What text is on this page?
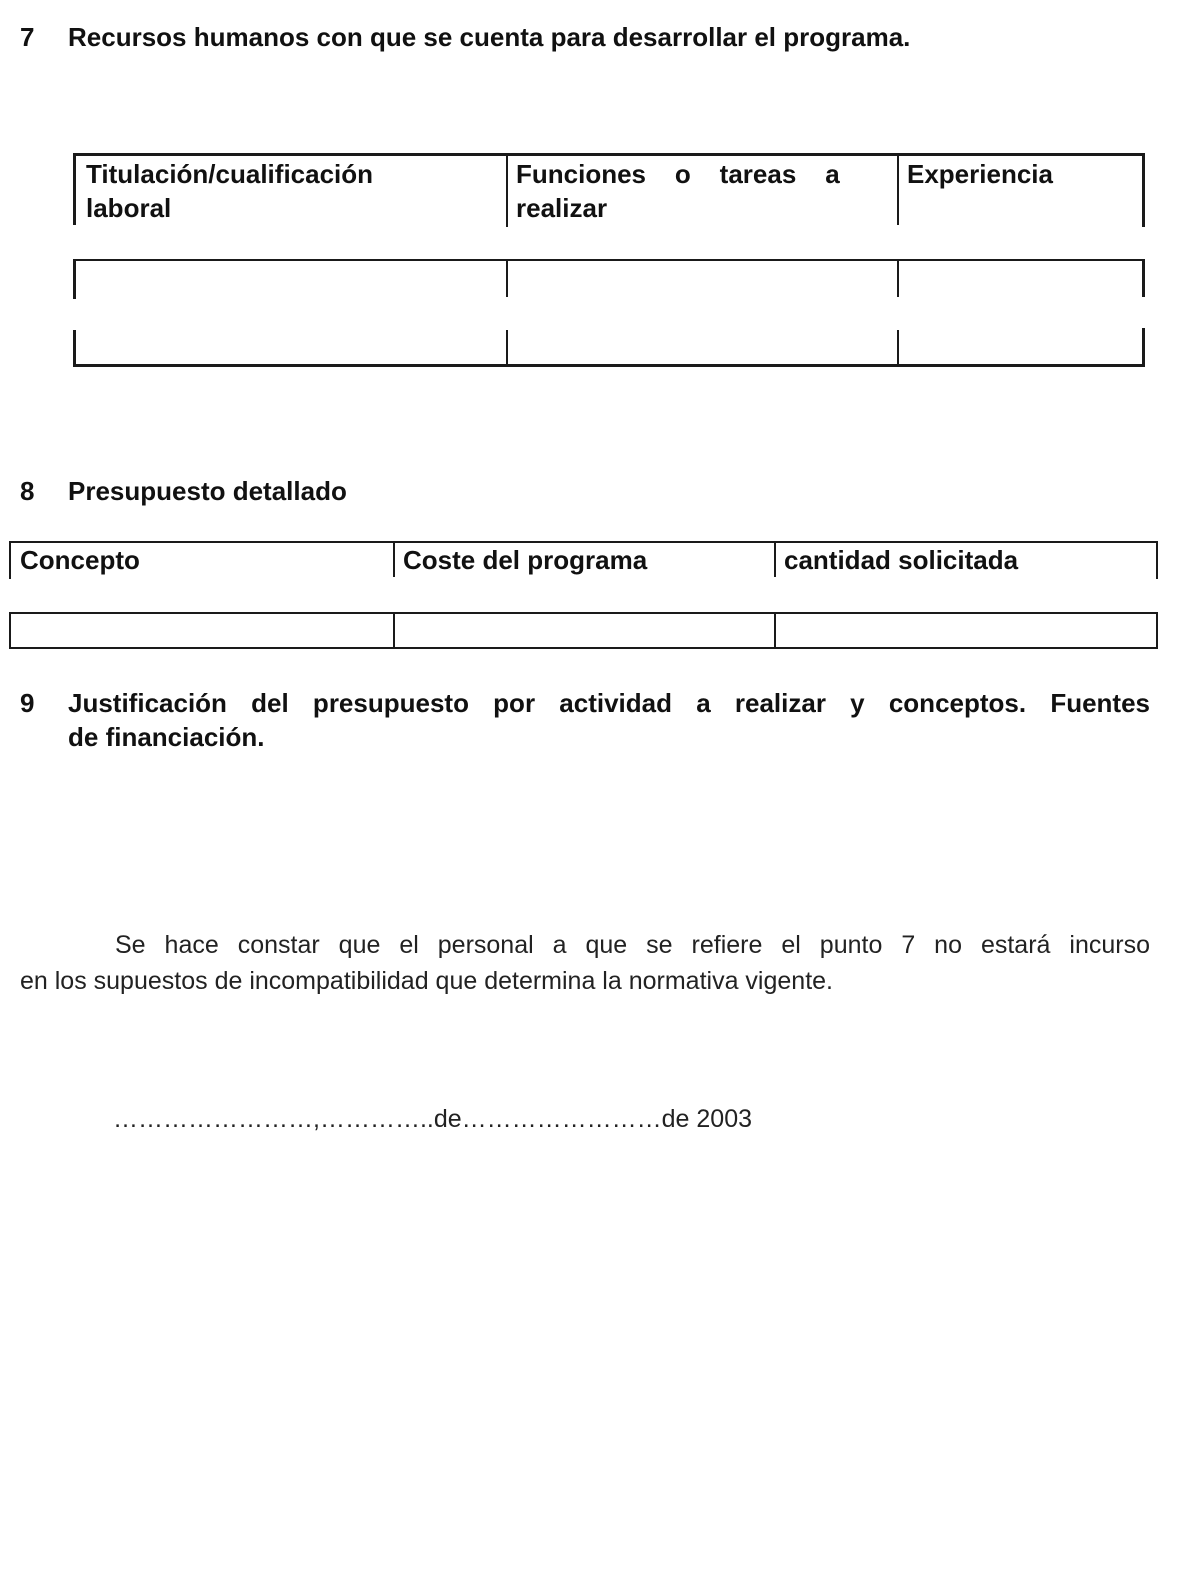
7 Recursos humanos con que se cuenta para desarrollar el programa.
Titulación/cualificación
laboral
Funciones    o    tareas    a
realizar
Experiencia
8 Presupuesto detallado
Concepto	Coste del programa	cantidad solicitada
9 Justificación del presupuesto por actividad a realizar y conceptos. Fuentes
de financiación.
Se hace constar que el personal a que se refiere el punto 7 no estará incurso
en los supuestos de incompatibilidad que determina la normativa vigente.
……………………,…………..de……………………de 2003
